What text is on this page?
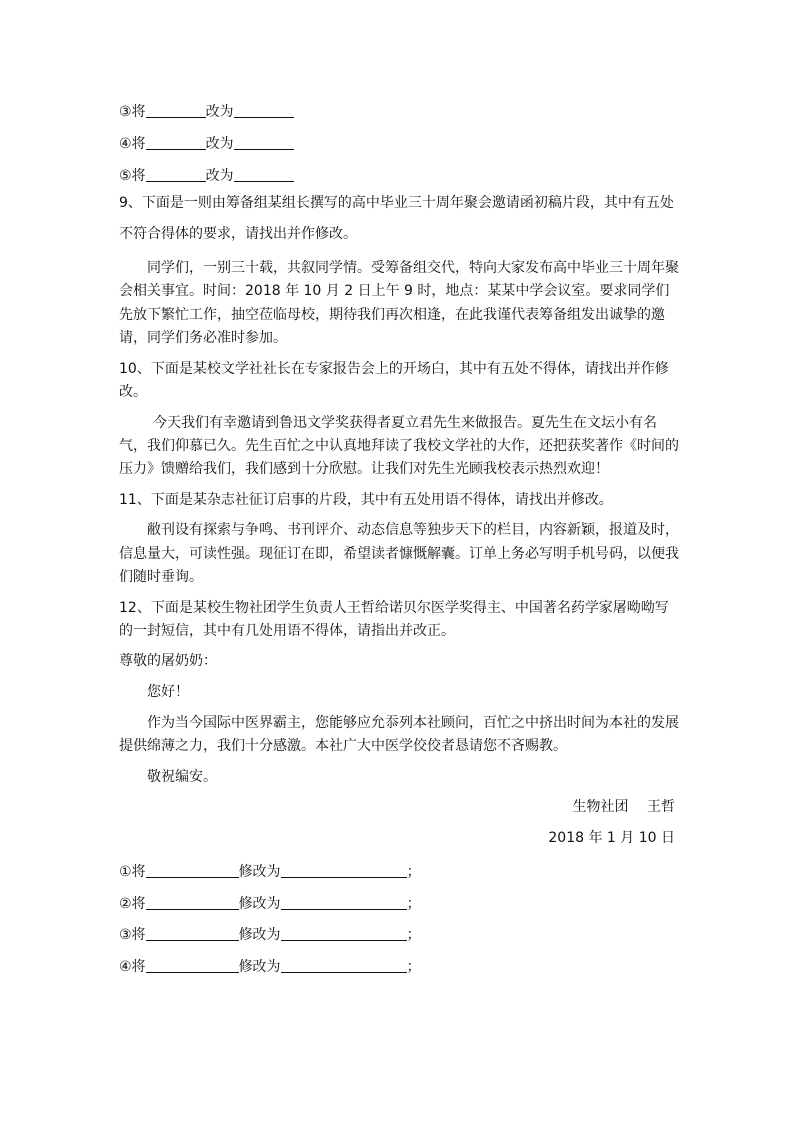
③将	改为
④将	改为
⑤将	改为
9、下面是一则由筹备组某组长撰写的高中毕业三十周年聚会邀请函初稿片段，其中有五处不符合得体的要求，请找出并作修改。
同学们，一别三十载，共叙同学情。受筹备组交代，特向大家发布高中毕业三十周年聚会相关事宜。时间：2018 年 10 月 2 日上午 9 时，地点：某某中学会议室。要求同学们先放下繁忙工作，抽空莅临母校，期待我们再次相逢，在此我谨代表筹备组发出诚挚的邀请，同学们务必准时参加。
10、下面是某校文学社社长在专家报告会上的开场白，其中有五处不得体，请找出并作修改。
今天我们有幸邀请到鲁迅文学奖获得者夏立君先生来做报告。夏先生在文坛小有名气，我们仰慕已久。先生百忙之中认真地拜读了我校文学社的大作，还把获奖著作《时间的压力》馈赠给我们，我们感到十分欣慰。让我们对先生光顾我校表示热烈欢迎！
11、下面是某杂志社征订启事的片段，其中有五处用语不得体，请找出并修改。
敝刊设有探索与争鸣、书刊评介、动态信息等独步天下的栏目，内容新颖，报道及时，信息量大，可读性强。现征订在即，希望读者慷慨解囊。订单上务必写明手机号码，以便我们随时垂询。
12、下面是某校生物社团学生负责人王哲给诺贝尔医学奖得主、中国著名药学家屠呦呦写的一封短信，其中有几处用语不得体，请指出并改正。
尊敬的屠奶奶：
您好！
作为当今国际中医界霸主，您能够应允忝列本社顾问，百忙之中挤出时间为本社的发展提供绵薄之力，我们十分感激。本社广大中医学佼佼者恳请您不吝赐教。
敬祝编安。
生物社团　 王哲
2018 年 1 月 10 日
①将	修改为	；
②将	修改为	；
③将	修改为	；
④将	修改为	；
